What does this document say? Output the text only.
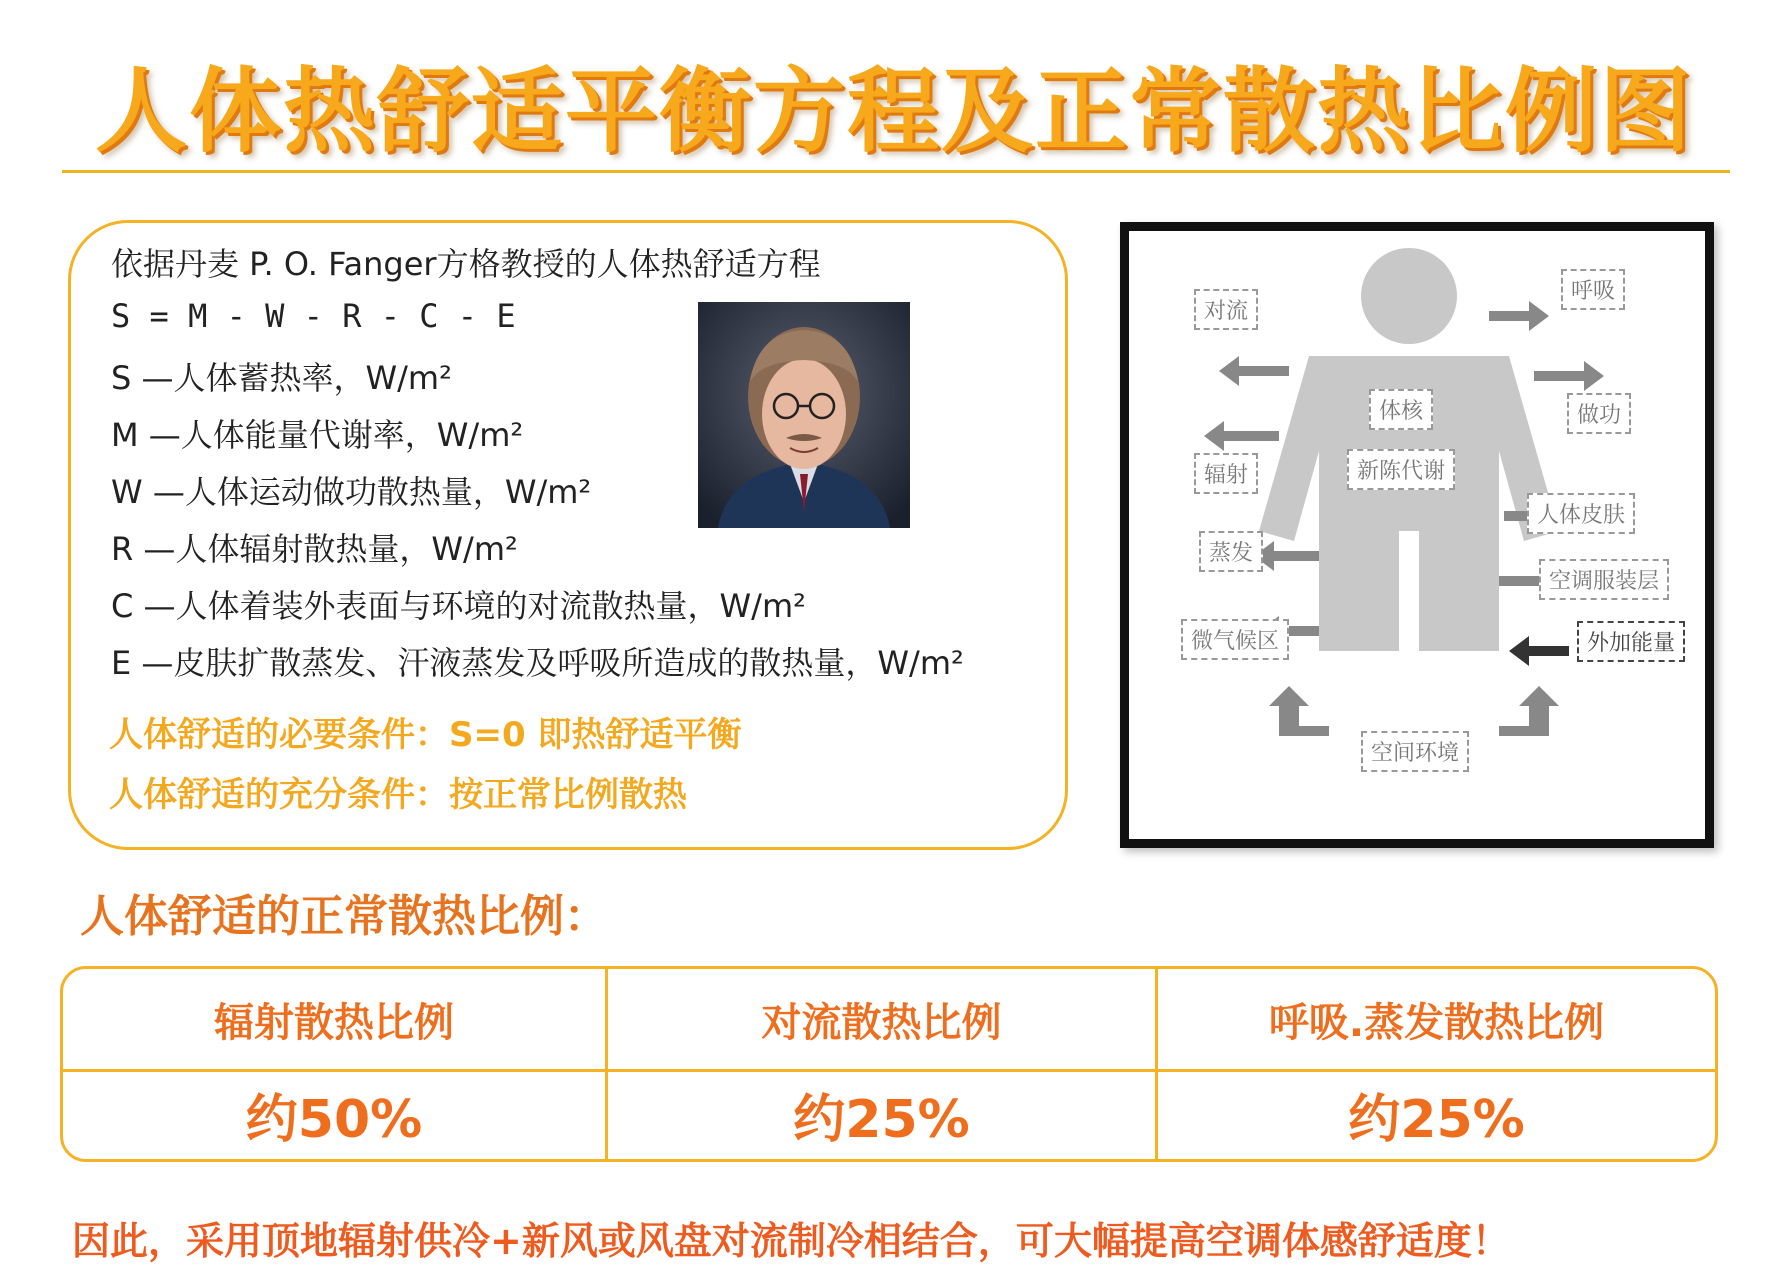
人体热舒适平衡方程及正常散热比例图
依据丹麦 P. O. Fanger方格教授的人体热舒适方程
S = M - W - R - C - E
S —人体蓄热率，W/m²
M —人体能量代谢率，W/m²
W —人体运动做功散热量，W/m²
R —人体辐射散热量，W/m²
C —人体着装外表面与环境的对流散热量，W/m²
E —皮肤扩散蒸发、汗液蒸发及呼吸所造成的散热量，W/m²
人体舒适的必要条件：S=0 即热舒适平衡
人体舒适的充分条件：按正常比例散热
对流
呼吸
做功
体核
新陈代谢
辐射
人体皮肤
蒸发
空调服装层
微气候区	外加能量
空间环境
人体舒适的正常散热比例：
辐射散热比例	对流散热比例	呼吸.蒸发散热比例
约50%	约25%	约25%
因此，采用顶地辐射供冷+新风或风盘对流制冷相结合，可大幅提高空调体感舒适度！
